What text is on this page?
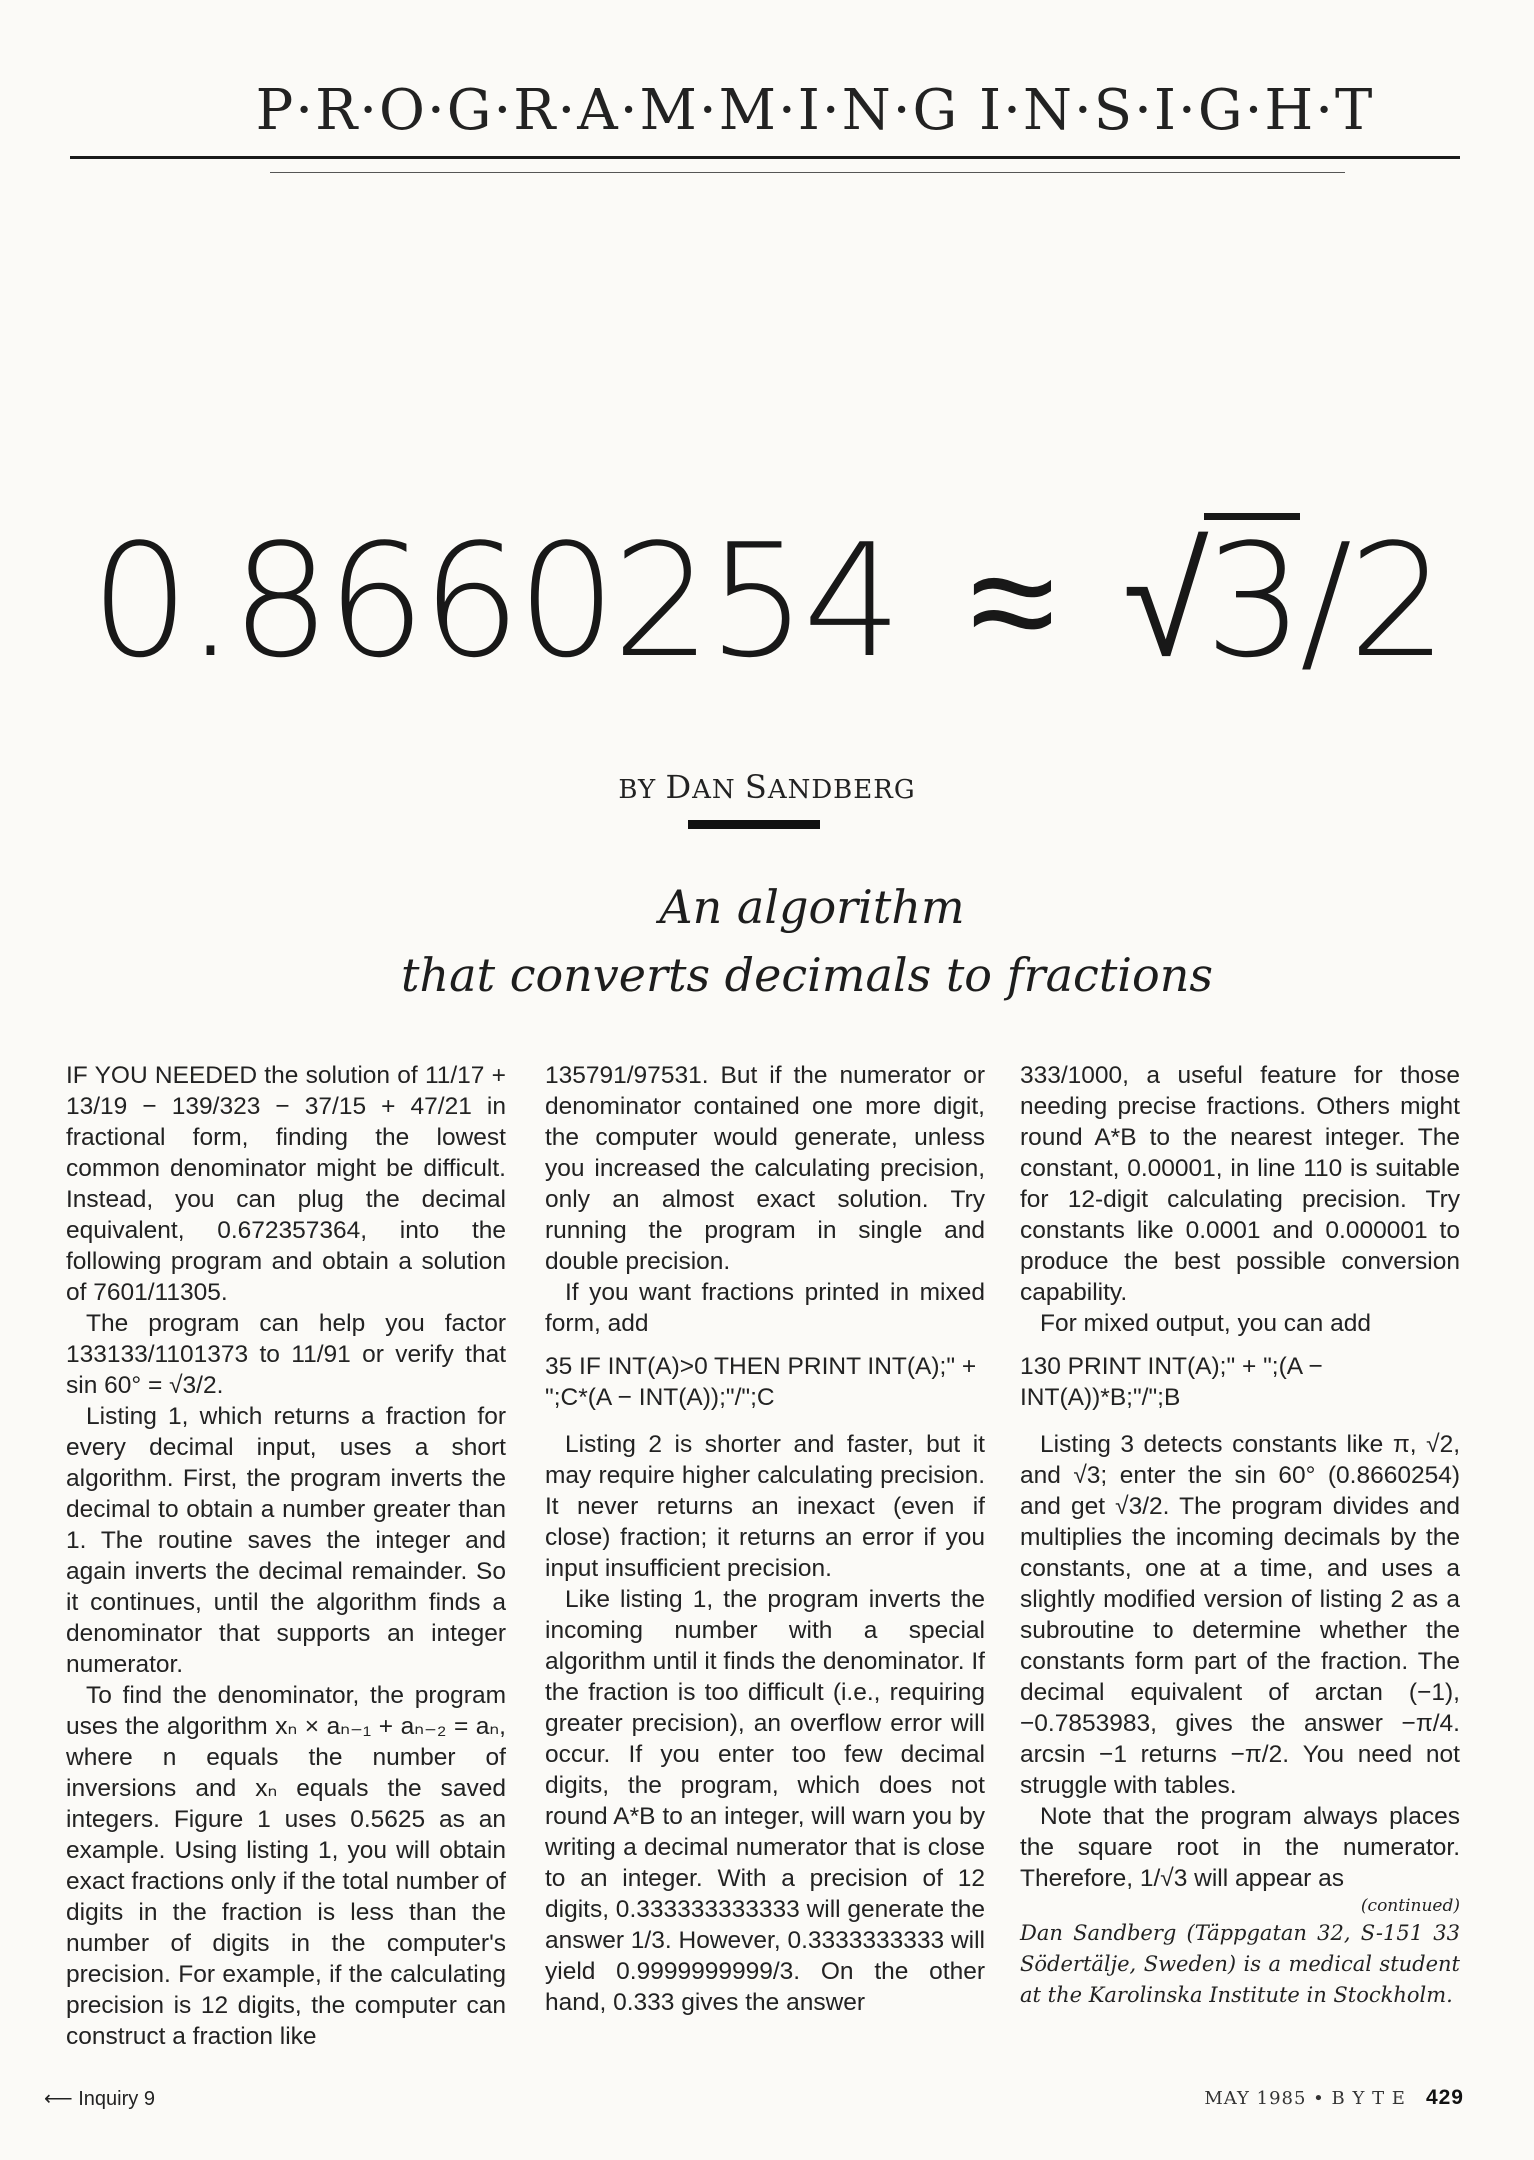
P·R·O·G·R·A·M·M·I·N·G I·N·S·I·G·H·T
0.8660254 ≈ √3/2
BY DAN SANDBERG
An algorithm
that converts decimals to fractions

IF YOU NEEDED the solution of 11/17 + 13/19 − 139/323 − 37/15 + 47/21 in fractional form, finding the lowest common denominator might be difficult. Instead, you can plug the decimal equivalent, 0.672357364, into the following program and obtain a solution of 7601/11305.

The program can help you factor 133133/1101373 to 11/91 or verify that sin 60° = √3/2.

Listing 1, which returns a fraction for every decimal input, uses a short algorithm. First, the program inverts the decimal to obtain a number greater than 1. The routine saves the integer and again inverts the decimal remainder. So it continues, until the algorithm finds a denominator that supports an integer numerator.

To find the denominator, the program uses the algorithm xₙ × aₙ₋₁ + aₙ₋₂ = aₙ, where n equals the number of inversions and xₙ equals the saved integers. Figure 1 uses 0.5625 as an example. Using listing 1, you will obtain exact fractions only if the total number of digits in the fraction is less than the number of digits in the computer's precision. For example, if the calculating precision is 12 digits, the computer can construct a fraction like

135791/97531. But if the numerator or denominator contained one more digit, the computer would generate, unless you increased the calculating precision, only an almost exact solution. Try running the program in single and double precision.

If you want fractions printed in mixed form, add

35 IF INT(A)>0 THEN PRINT INT(A);" + ";C*(A − INT(A));"/";C

Listing 2 is shorter and faster, but it may require higher calculating precision. It never returns an inexact (even if close) fraction; it returns an error if you input insufficient precision.

Like listing 1, the program inverts the incoming number with a special algorithm until it finds the denominator. If the fraction is too difficult (i.e., requiring greater precision), an overflow error will occur. If you enter too few decimal digits, the program, which does not round A*B to an integer, will warn you by writing a decimal numerator that is close to an integer. With a precision of 12 digits, 0.333333333333 will generate the answer 1/3. However, 0.3333333333 will yield 0.9999999999/3. On the other hand, 0.333 gives the answer

333/1000, a useful feature for those needing precise fractions. Others might round A*B to the nearest integer. The constant, 0.00001, in line 110 is suitable for 12-digit calculating precision. Try constants like 0.0001 and 0.000001 to produce the best possible conversion capability.

For mixed output, you can add

130 PRINT INT(A);" + ";(A − INT(A))*B;"/";B

Listing 3 detects constants like π, √2, and √3; enter the sin 60° (0.8660254) and get √3/2. The program divides and multiplies the incoming decimals by the constants, one at a time, and uses a slightly modified version of listing 2 as a subroutine to determine whether the constants form part of the fraction. The decimal equivalent of arctan (−1), −0.7853983, gives the answer −π/4. arcsin −1 returns −π/2. You need not struggle with tables.

Note that the program always places the square root in the numerator. Therefore, 1/√3 will appear as

(continued)

Dan Sandberg (Täppgatan 32, S-151 33 Södertälje, Sweden) is a medical student at the Karolinska Institute in Stockholm.

⟵ Inquiry 9	MAY 1985 • B Y T E 429
